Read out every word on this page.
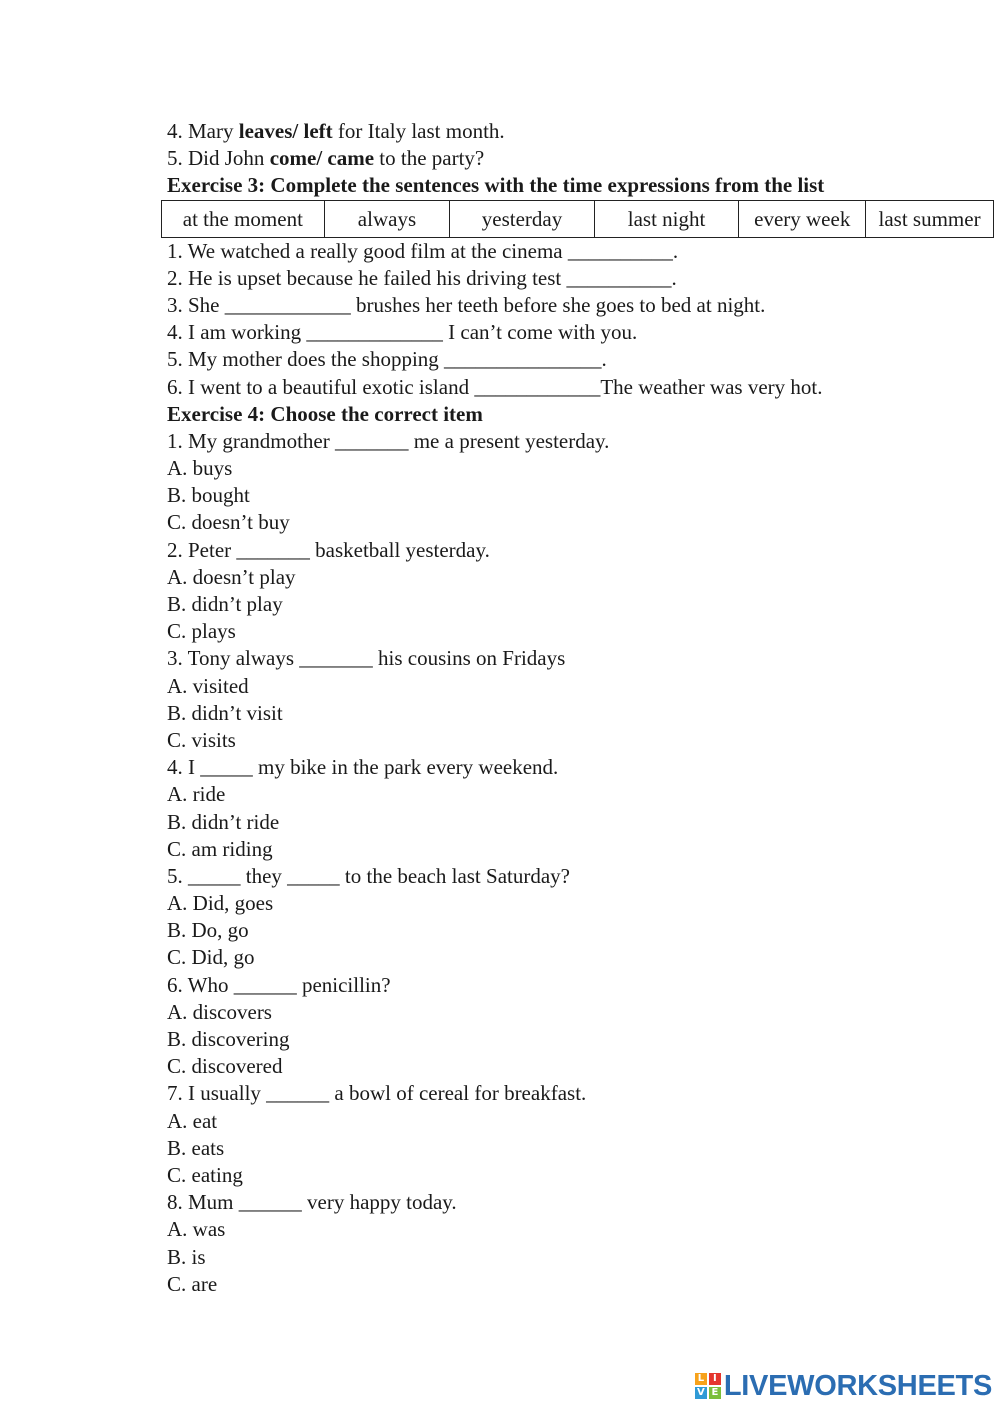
4. Mary leaves/ left for Italy last month.
5. Did John come/ came to the party?
Exercise 3: Complete the sentences with the time expressions from the list
at the moment	always	yesterday	last night	every week	last summer
1. We watched a really good film at the cinema __________.
2. He is upset because he failed his driving test __________.
3. She ____________ brushes her teeth before she goes to bed at night.
4. I am working _____________ I can’t come with you.
5. My mother does the shopping _______________.
6. I went to a beautiful exotic island ____________The weather was very hot.
Exercise 4: Choose the correct item
1. My grandmother _______ me a present yesterday.
A. buys
B. bought
C. doesn’t buy
2. Peter _______ basketball yesterday.
A. doesn’t play
B. didn’t play
C. plays
3. Tony always _______ his cousins on Fridays
A. visited
B. didn’t visit
C. visits
4. I _____ my bike in the park every weekend.
A. ride
B. didn’t ride
C. am riding
5. _____ they _____ to the beach last Saturday?
A. Did, goes
B. Do, go
C. Did, go
6. Who ______ penicillin?
A. discovers
B. discovering
C. discovered
7. I usually ______ a bowl of cereal for breakfast.
A. eat
B. eats
C. eating
8. Mum ______ very happy today.
A. was
B. is
C. are
L I
V E LIVEWORKSHEETS
